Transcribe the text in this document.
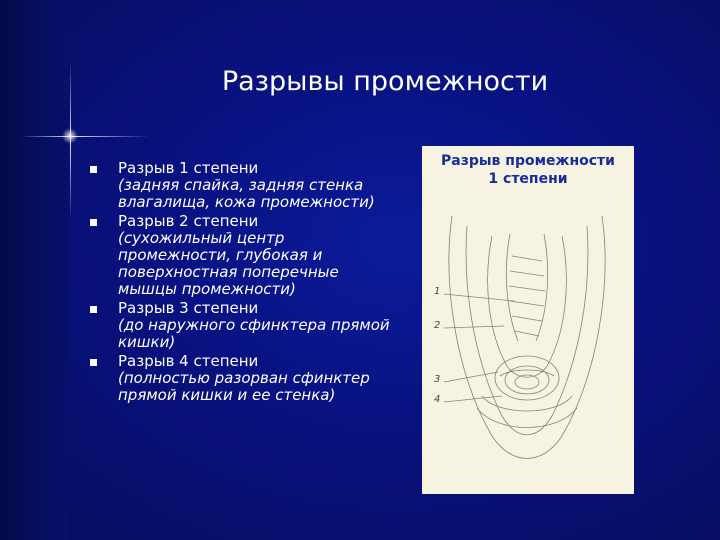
Разрывы промежности
Разрыв 1 степени
(задняя спайка, задняя стенка влагалища, кожа промежности)
Разрыв 2 степени
(сухожильный центр промежности, глубокая и поверхностная поперечные мышцы промежности)
Разрыв 3 степени
(до наружного сфинктера прямой кишки)
Разрыв 4 степени
(полностью разорван сфинктер прямой кишки и ее стенка)
Разрыв промежности
1 степени
1
2
3
4
